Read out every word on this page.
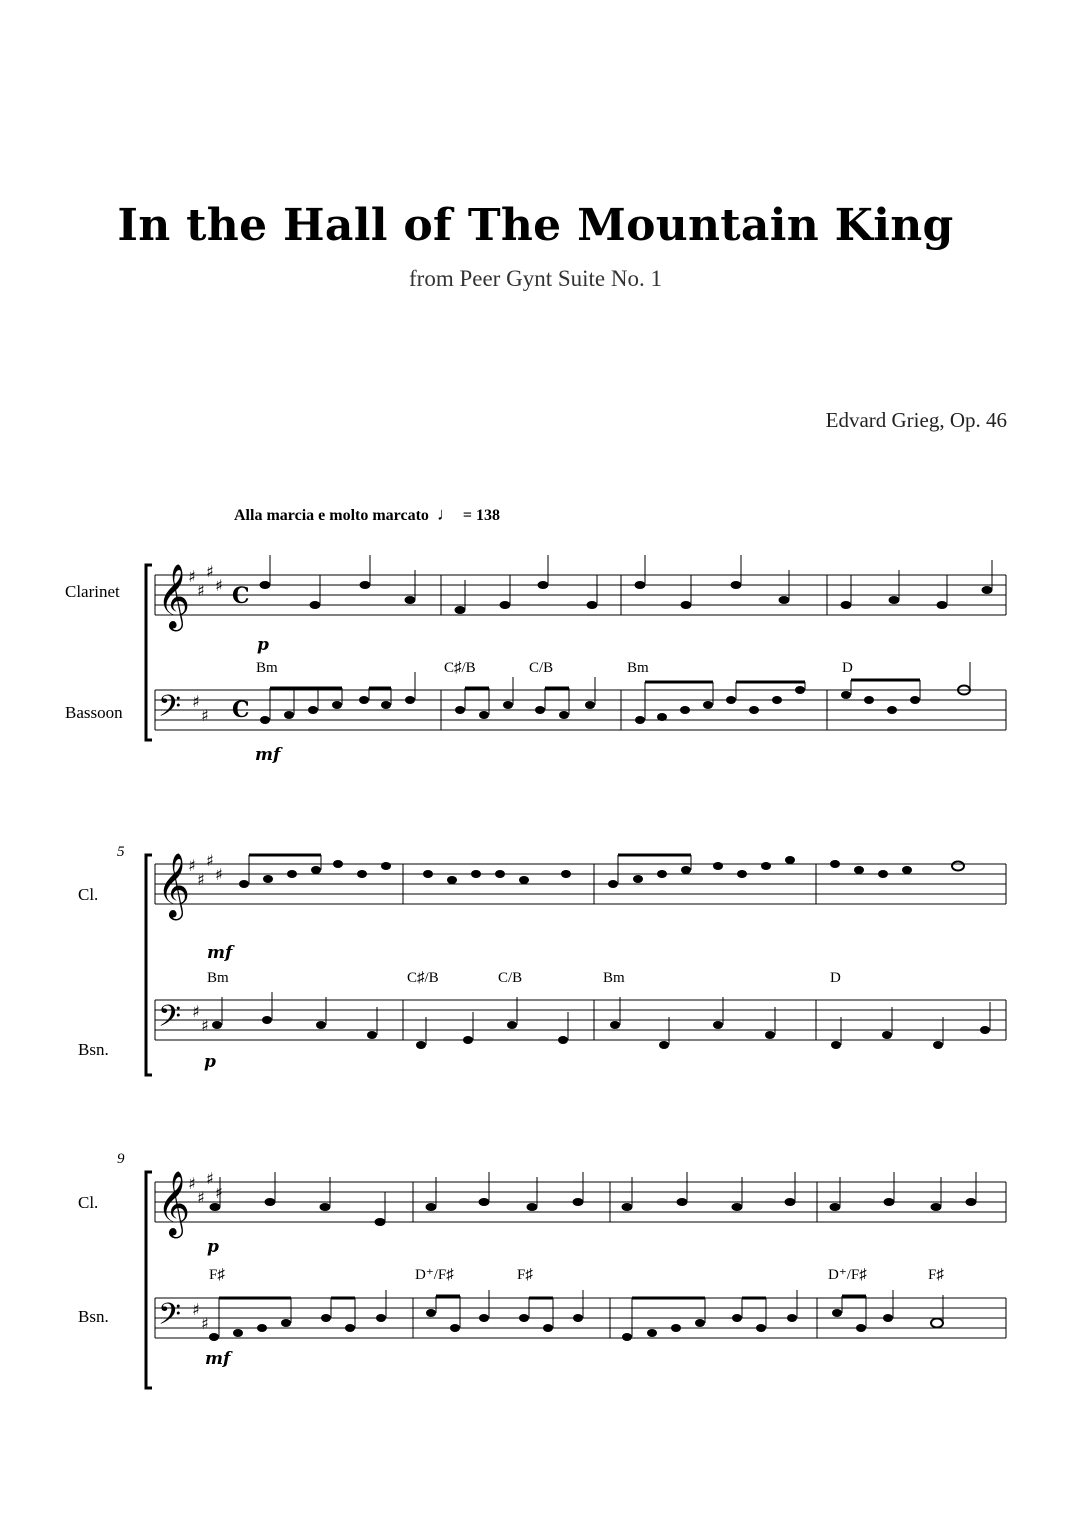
In the Hall of The Mountain King
from Peer Gynt Suite No. 1
Edvard Grieg, Op. 46
Alla marcia e molto marcato ♩ = 138
Clarinet
Bassoon
𝄞
♯
♯
♯
♯ C
p
Bm	C♯/B	C/B	Bm	D
𝄢 ♯
♯ C
mf
5
Cl.
Bsn.
𝄞
♯
♯
♯
♯
mf
Bm	C♯/B	C/B	Bm	D
𝄢 ♯
♯
p
9
Cl.
Bsn.
𝄞
♯
♯
♯
♯
p
F♯	D⁺/F♯	F♯	D⁺/F♯	F♯
𝄢 ♯
♯
mf
